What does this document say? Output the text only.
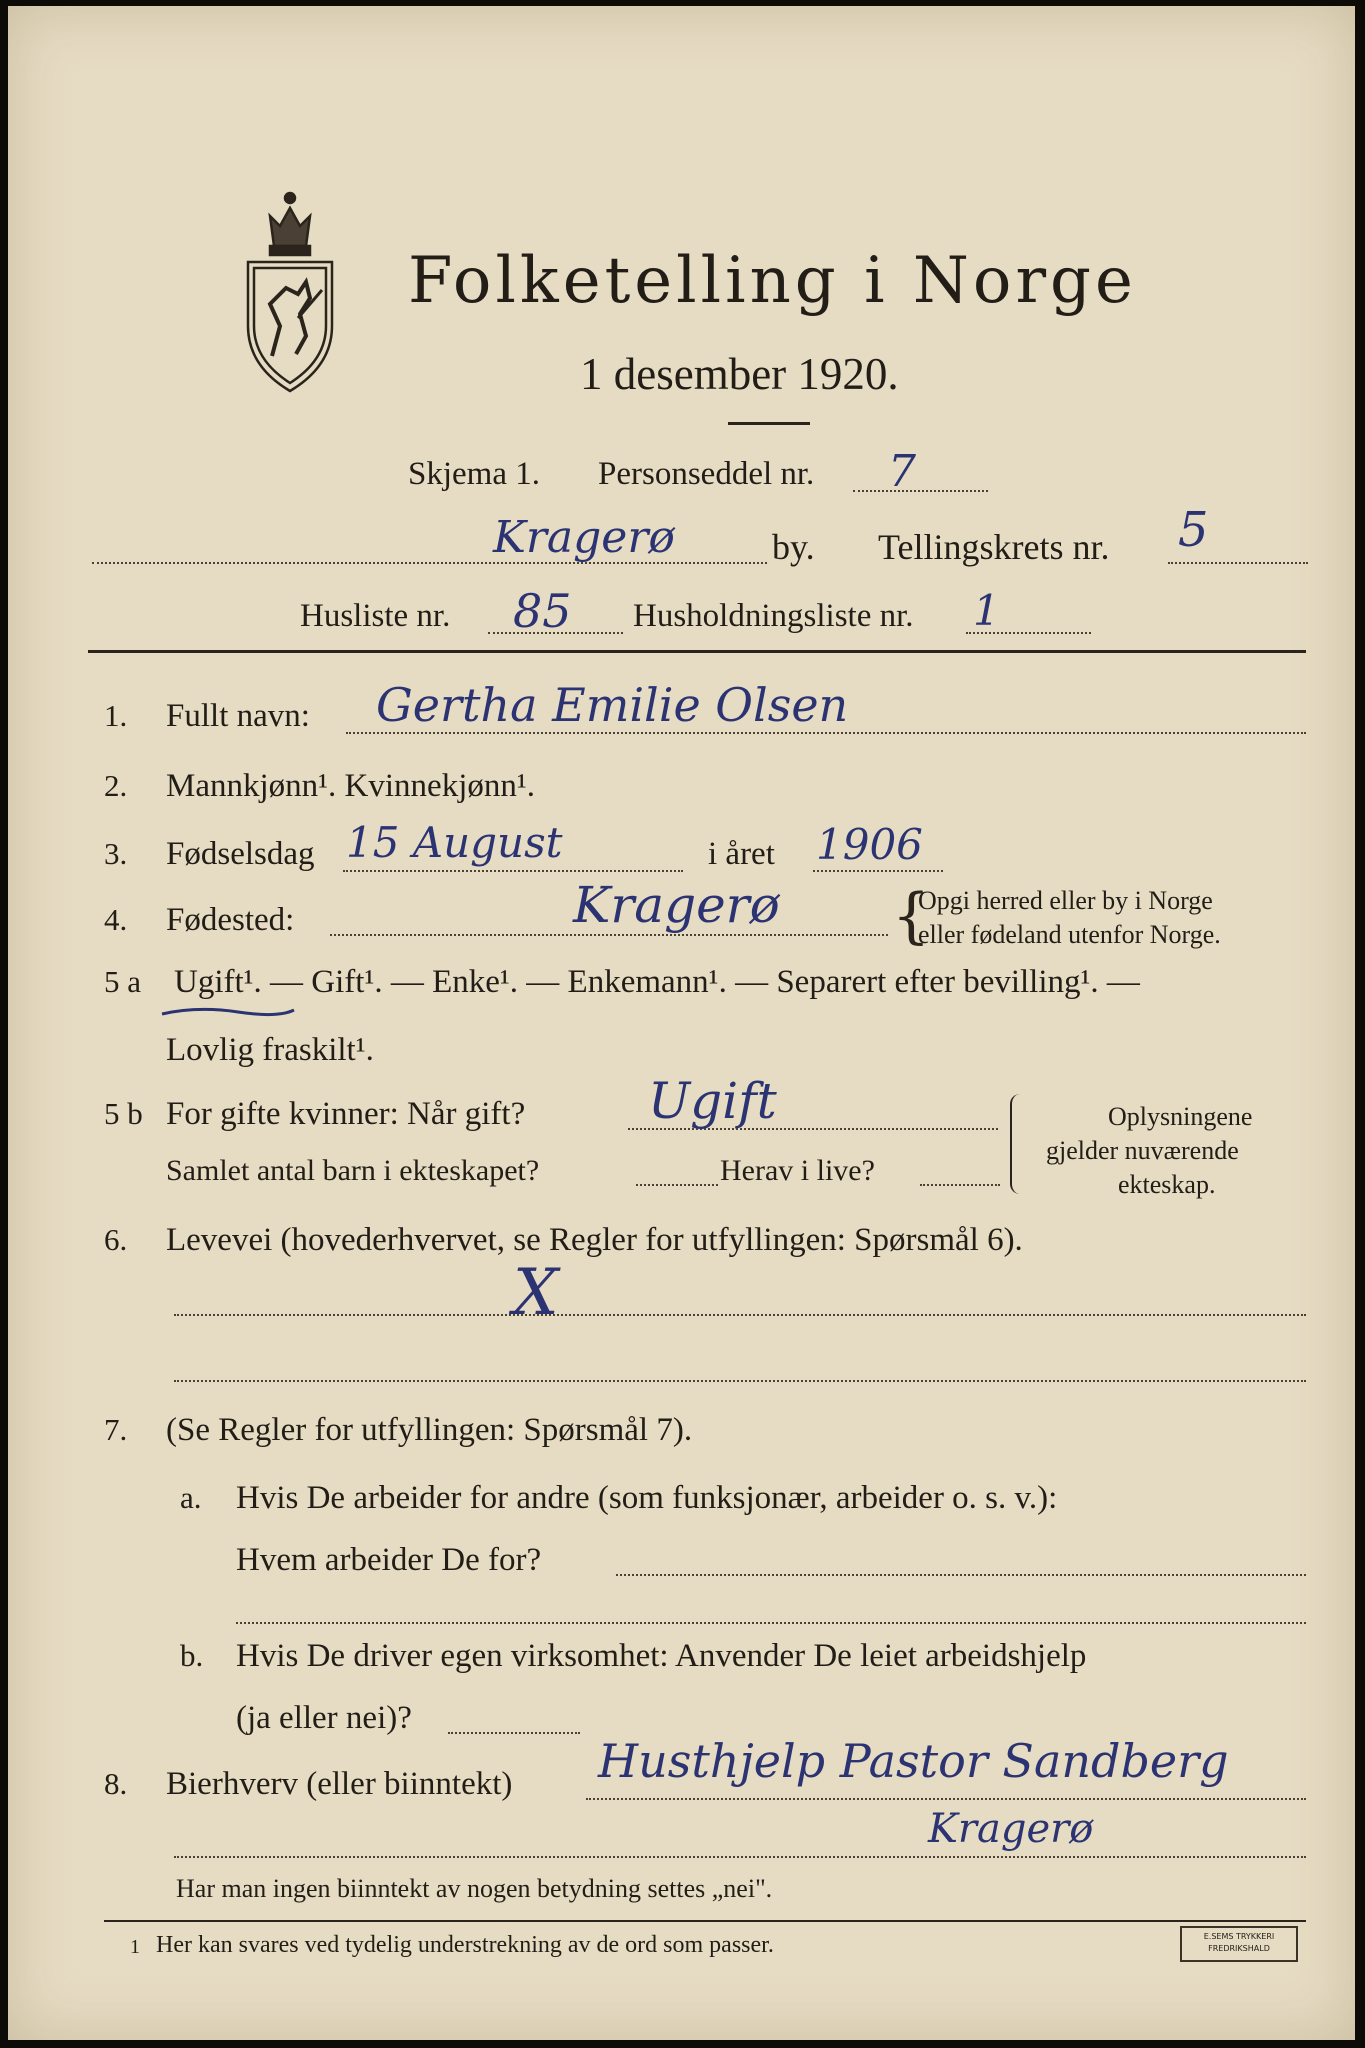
Folketelling i Norge
1 desember 1920.
Skjema 1. Personseddel nr. 7
Kragerø	by. Tellingskrets nr. 5
Husliste nr. 85 Husholdningsliste nr. 1
1. Fullt navn: Gertha Emilie Olsen
2. Mannkjønn¹. Kvinnekjønn¹.
3. Fødselsdag 15 August	i året 1906
4. Fødested:	Kragerø {
Opgi herred eller by i Norge
eller fødeland utenfor Norge.
5 a Ugift¹. — Gift¹. — Enke¹. — Enkemann¹. — Separert efter bevilling¹. —
Lovlig fraskilt¹.
5 b For gifte kvinner: Når gift? Ugift
Samlet antal barn i ekteskapet?	Herav i live?
Oplysningene
gjelder nuværende
ekteskap.
6. Levevei (hovederhvervet, se Regler for utfyllingen: Spørsmål 6).
X
7. (Se Regler for utfyllingen: Spørsmål 7).
a. Hvis De arbeider for andre (som funksjonær, arbeider o. s. v.):
Hvem arbeider De for?
b. Hvis De driver egen virksomhet: Anvender De leiet arbeidshjelp
(ja eller nei)?
8. Bierhverv (eller biinntekt) Husthjelp Pastor Sandberg
Kragerø
Har man ingen biinntekt av nogen betydning settes „nei".
1 Her kan svares ved tydelig understrekning av de ord som passer.	E.SEMS TRYKKERI
FREDRIKSHALD
